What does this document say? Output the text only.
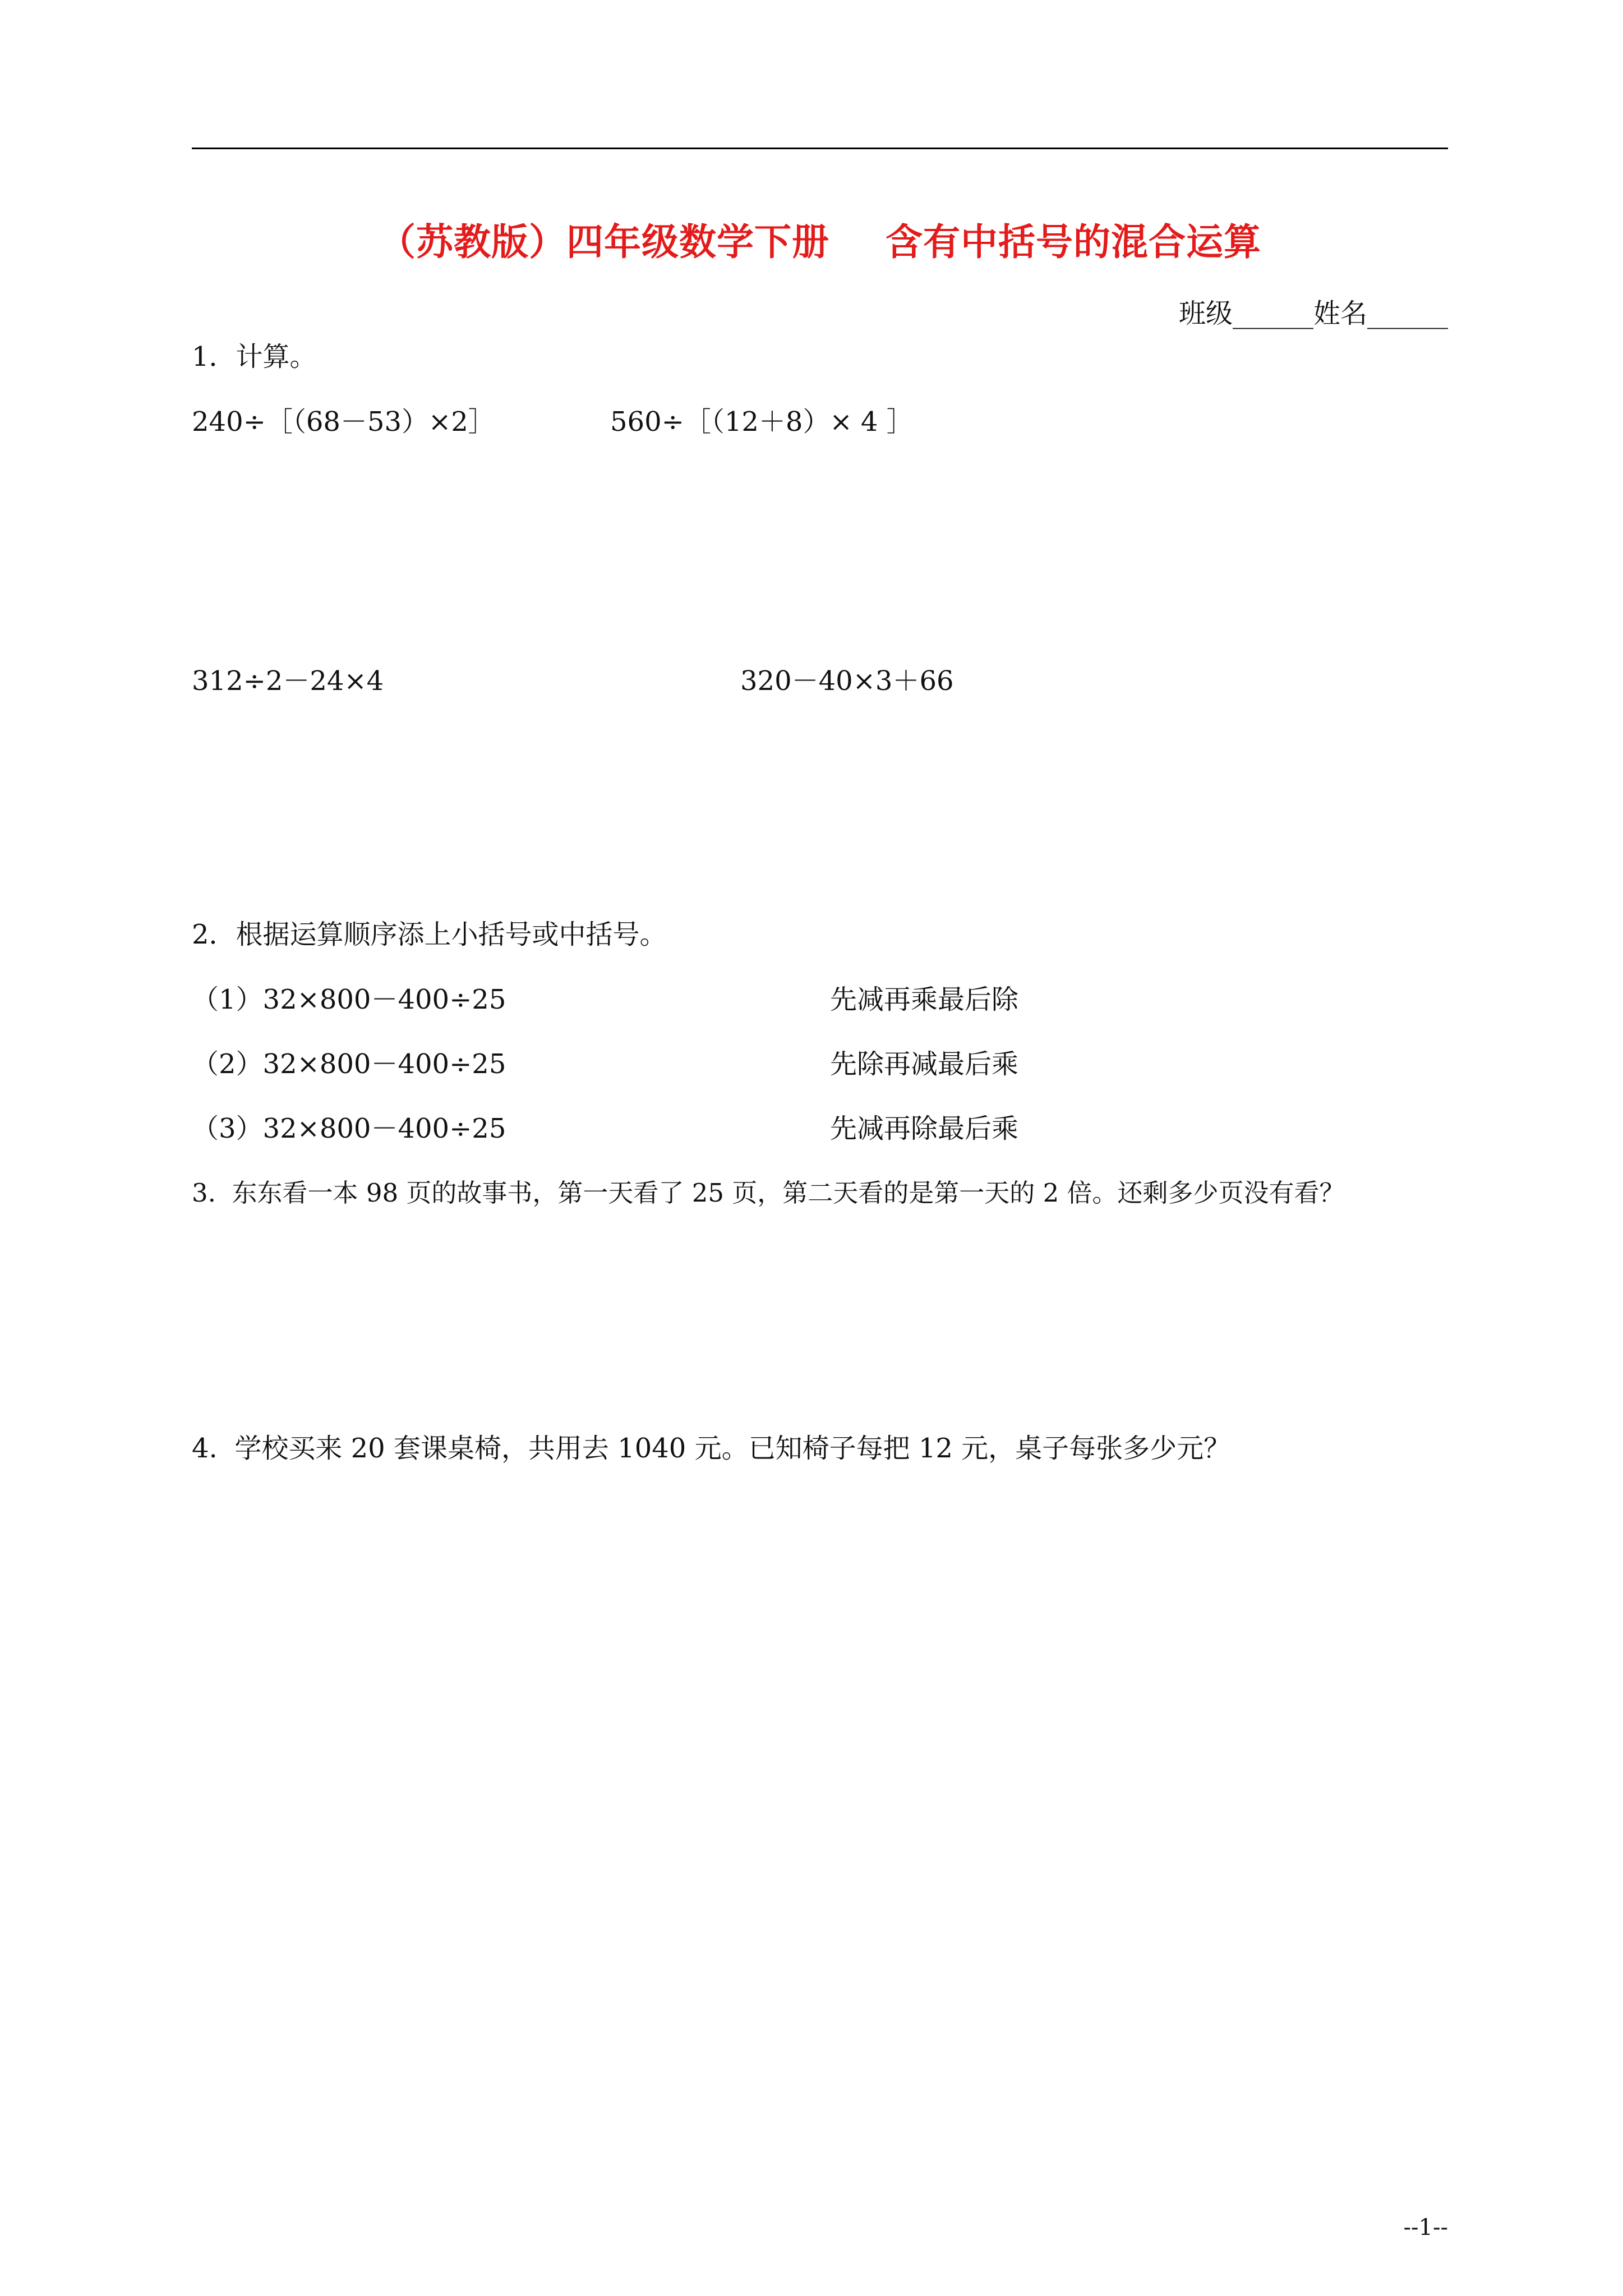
（苏教版）四年级数学下册 含有中括号的混合运算
班级______姓名______
1．计算。
240÷［（68－53）×2］	560÷［（12＋8）× 4 ］
312÷2－24×4	320－40×3＋66
2．根据运算顺序添上小括号或中括号。
（1）32×800－400÷25	先减再乘最后除
（2）32×800－400÷25	先除再减最后乘
（3）32×800－400÷25	先减再除最后乘
3.  东东看一本 98 页的故事书，第一天看了 25 页，第二天看的是第一天的 2 倍。还剩多少页没有看？
4.  学校买来 20 套课桌椅，共用去 1040 元。已知椅子每把 12 元，桌子每张多少元？
--1--
